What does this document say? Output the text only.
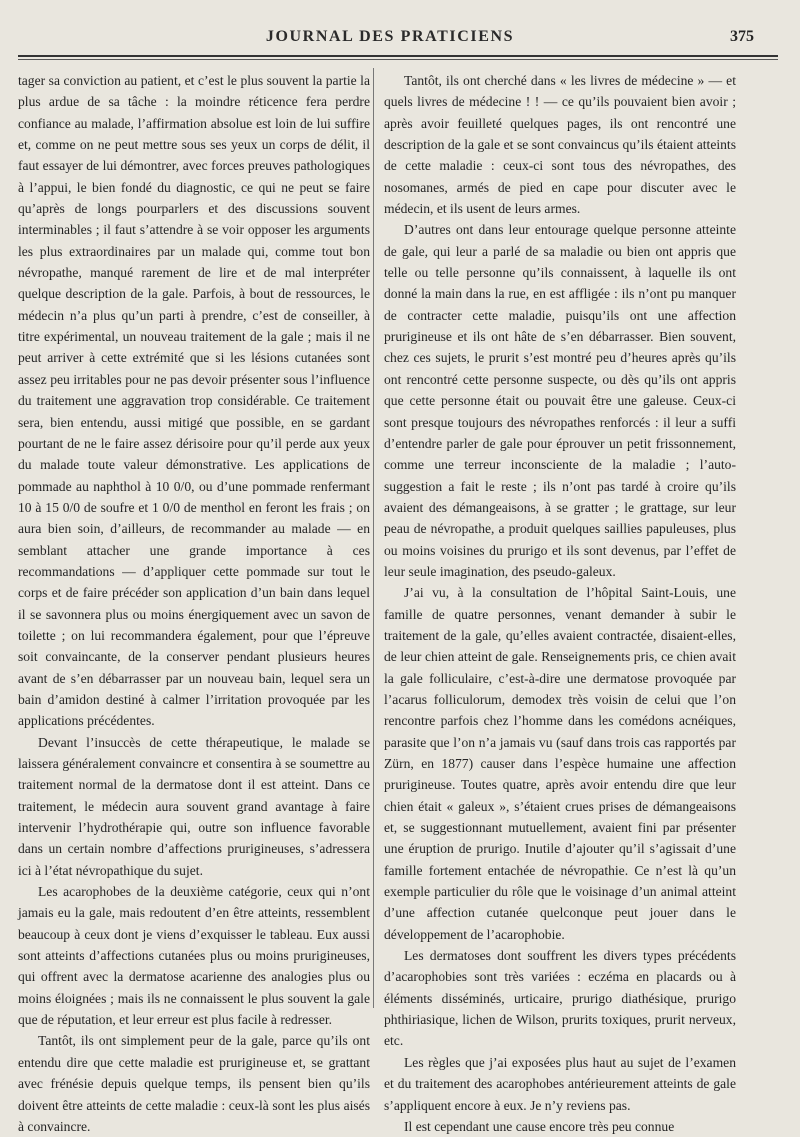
JOURNAL DES PRATICIENS	375

tager sa conviction au patient, et c’est le plus souvent la partie la plus ardue de sa tâche : la moindre réticence fera perdre confiance au malade, l’affirmation absolue est loin de lui suffire et, comme on ne peut mettre sous ses yeux un corps de délit, il faut essayer de lui démontrer, avec forces preuves pathologiques à l’appui, le bien fondé du diagnostic, ce qui ne peut se faire qu’après de longs pourparlers et des discussions souvent interminables ; il faut s’attendre à se voir opposer les arguments les plus extraordinaires par un malade qui, comme tout bon névropathe, manqué rarement de lire et de mal interpréter quelque description de la gale. Parfois, à bout de ressources, le médecin n’a plus qu’un parti à prendre, c’est de conseiller, à titre expérimental, un nouveau traitement de la gale ; mais il ne peut arriver à cette extrémité que si les lésions cutanées sont assez peu irritables pour ne pas devoir présenter sous l’influence du traitement une aggravation trop considérable. Ce traitement sera, bien entendu, aussi mitigé que possible, en se gardant pourtant de ne le faire assez dérisoire pour qu’il perde aux yeux du malade toute valeur démonstrative. Les applications de pommade au naphthol à 10 0/0, ou d’une pommade renfermant 10 à 15 0/0 de soufre et 1 0/0 de menthol en feront les frais ; on aura bien soin, d’ailleurs, de recommander au malade — en semblant attacher une grande importance à ces recommandations — d’appliquer cette pommade sur tout le corps et de faire précéder son application d’un bain dans lequel il se savonnera plus ou moins énergiquement avec un savon de toilette ; on lui recommandera également, pour que l’épreuve soit convaincante, de la conserver pendant plusieurs heures avant de s’en débarrasser par un nouveau bain, lequel sera un bain d’amidon destiné à calmer l’irritation provoquée par les applications précédentes.

Devant l’insuccès de cette thérapeutique, le malade se laissera généralement convaincre et consentira à se soumettre au traitement normal de la dermatose dont il est atteint. Dans ce traitement, le médecin aura souvent grand avantage à faire intervenir l’hydrothérapie qui, outre son influence favorable dans un certain nombre d’affections prurigineuses, s’adressera ici à l’état névropathique du sujet.

Les acarophobes de la deuxième catégorie, ceux qui n’ont jamais eu la gale, mais redoutent d’en être atteints, ressemblent beaucoup à ceux dont je viens d’exquisser le tableau. Eux aussi sont atteints d’affections cutanées plus ou moins prurigineuses, qui offrent avec la dermatose acarienne des analogies plus ou moins éloignées ; mais ils ne connaissent le plus souvent la gale que de réputation, et leur erreur est plus facile à redresser.

Tantôt, ils ont simplement peur de la gale, parce qu’ils ont entendu dire que cette maladie est prurigineuse et, se grattant avec frénésie depuis quelque temps, ils pensent bien qu’ils doivent être atteints de cette maladie : ceux-là sont les plus aisés à convaincre.

Tantôt, ils ont cherché dans « les livres de médecine » — et quels livres de médecine ! ! — ce qu’ils pouvaient bien avoir ; après avoir feuilleté quelques pages, ils ont rencontré une description de la gale et se sont convaincus qu’ils étaient atteints de cette maladie : ceux-ci sont tous des névropathes, des nosomanes, armés de pied en cape pour discuter avec le médecin, et ils usent de leurs armes.

D’autres ont dans leur entourage quelque personne atteinte de gale, qui leur a parlé de sa maladie ou bien ont appris que telle ou telle personne qu’ils connaissent, à laquelle ils ont donné la main dans la rue, en est affligée : ils n’ont pu manquer de contracter cette maladie, puisqu’ils ont une affection prurigineuse et ils ont hâte de s’en débarrasser. Bien souvent, chez ces sujets, le prurit s’est montré peu d’heures après qu’ils ont rencontré cette personne suspecte, ou dès qu’ils ont appris que cette personne était ou pouvait être une galeuse. Ceux-ci sont presque toujours des névropathes renforcés : il leur a suffi d’entendre parler de gale pour éprouver un petit frissonnement, comme une terreur inconsciente de la maladie ; l’auto-suggestion a fait le reste ; ils n’ont pas tardé à croire qu’ils avaient des démangeaisons, à se gratter ; le grattage, sur leur peau de névropathe, a produit quelques saillies papuleuses, plus ou moins voisines du prurigo et ils sont devenus, par l’effet de leur seule imagination, des pseudo-galeux.

J’ai vu, à la consultation de l’hôpital Saint-Louis, une famille de quatre personnes, venant demander à subir le traitement de la gale, qu’elles avaient contractée, disaient-elles, de leur chien atteint de gale. Renseignements pris, ce chien avait la gale folliculaire, c’est-à-dire une dermatose provoquée par l’acarus folliculorum, demodex très voisin de celui que l’on rencontre parfois chez l’homme dans les comédons acnéiques, parasite que l’on n’a jamais vu (sauf dans trois cas rapportés par Zürn, en 1877) causer dans l’espèce humaine une affection prurigineuse. Toutes quatre, après avoir entendu dire que leur chien était « galeux », s’étaient crues prises de démangeaisons et, se suggestionnant mutuellement, avaient fini par présenter une éruption de prurigo. Inutile d’ajouter qu’il s’agissait d’une famille fortement entachée de névropathie. Ce n’est là qu’un exemple particulier du rôle que le voisinage d’un animal atteint d’une affection cutanée quelconque peut jouer dans le développement de l’acarophobie.

Les dermatoses dont souffrent les divers types précédents d’acarophobies sont très variées : eczéma en placards ou à éléments disséminés, urticaire, prurigo diathésique, prurigo phthiriasique, lichen de Wilson, prurits toxiques, prurit nerveux, etc.

Les règles que j’ai exposées plus haut au sujet de l’examen et du traitement des acarophobes antérieurement atteints de gale s’appliquent encore à eux. Je n’y reviens pas.

Il est cependant une cause encore très peu connue
